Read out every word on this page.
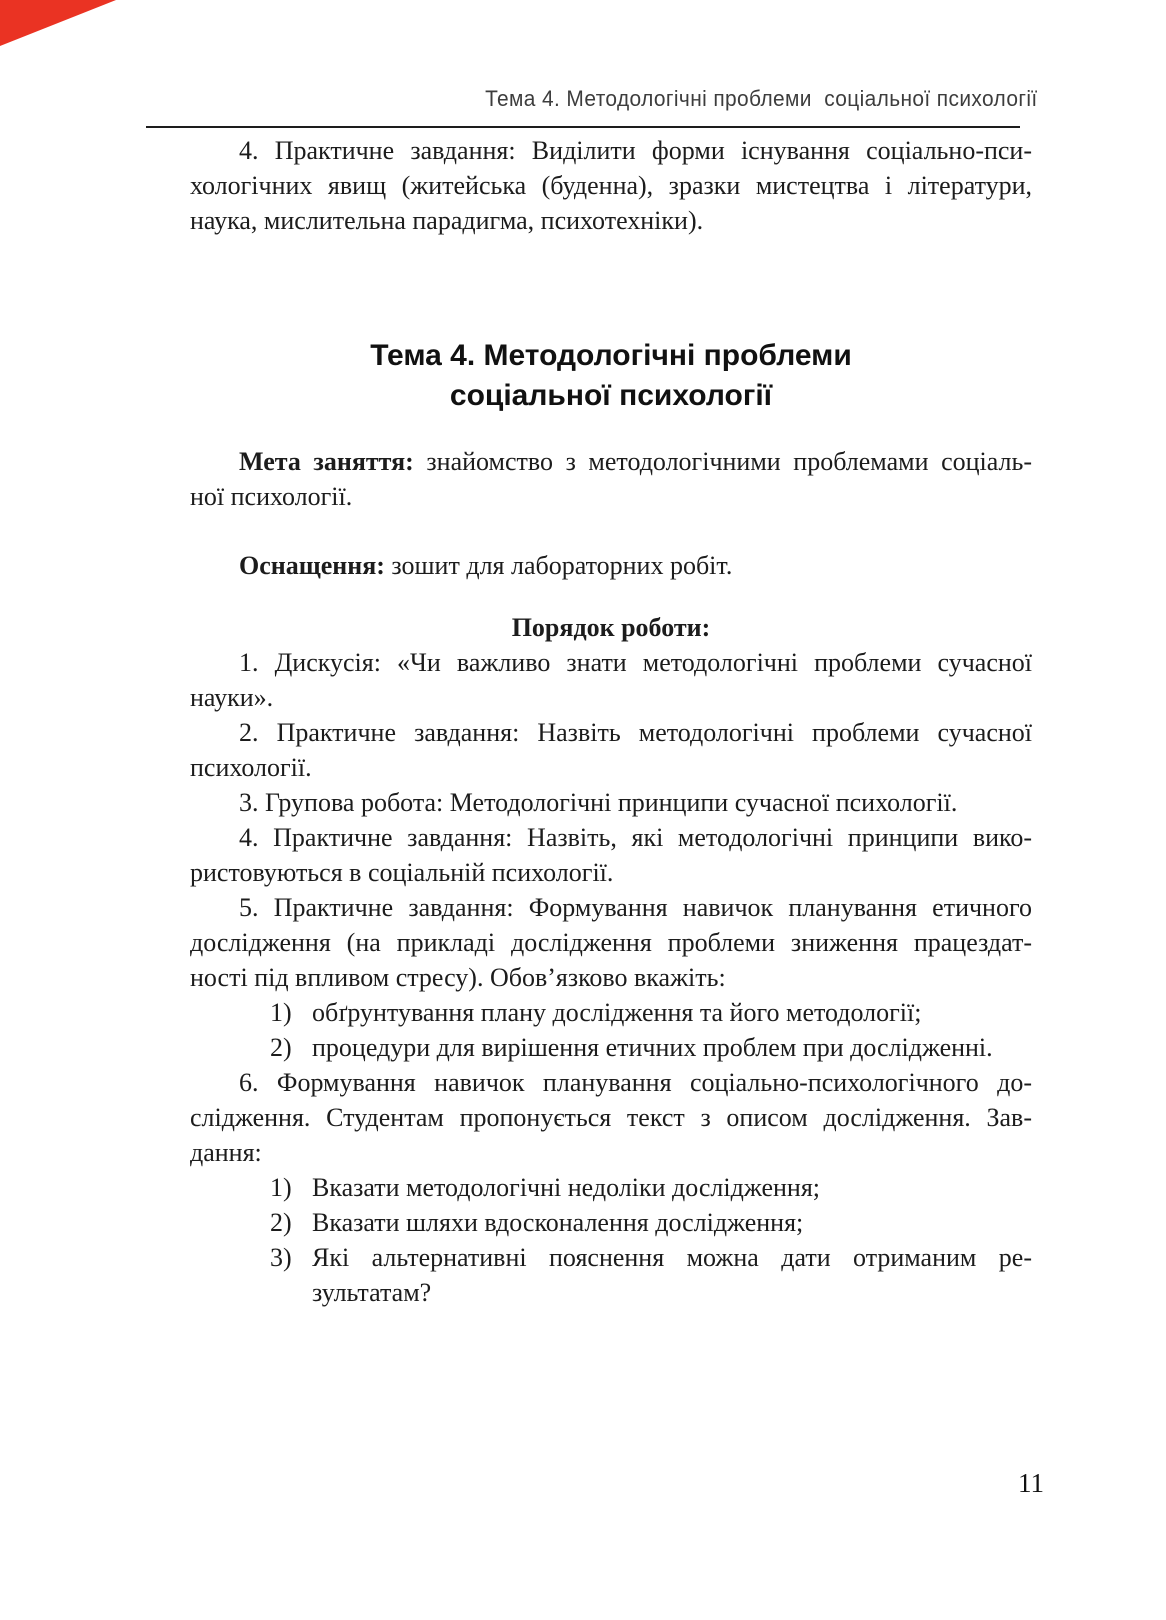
Тема 4. Методологічні проблеми  соціальної психології
4. Практичне завдання: Виділити форми існування соціально-пси-
хологічних явищ (житейська (буденна), зразки мистецтва і літератури,
наука, мислительна парадигма, психотехніки).
Тема 4. Методологічні проблеми
соціальної психології
Мета заняття: знайомство з методологічними проблемами соціаль-
ної психології.
Оснащення: зошит для лабораторних робіт.
Порядок роботи:
1. Дискусія: «Чи важливо знати методологічні проблеми сучасної
науки».
2. Практичне завдання: Назвіть методологічні проблеми сучасної
психології.
3. Групова робота: Методологічні принципи сучасної психології.
4. Практичне завдання: Назвіть, які методологічні принципи вико-
ристовуються в соціальній психології.
5. Практичне завдання: Формування навичок планування етичного
дослідження (на прикладі дослідження проблеми зниження працездат-
ності під впливом стресу). Обов’язково вкажіть:
1) обґрунтування плану дослідження та його методології;
2) процедури для вирішення етичних проблем при дослідженні.
6. Формування навичок планування соціально-психологічного до-
слідження. Студентам пропонується текст з описом дослідження. Зав-
дання:
1) Вказати методологічні недоліки дослідження;
2) Вказати шляхи вдосконалення дослідження;
3) Які альтернативні пояснення можна дати отриманим ре-
зультатам?
11
